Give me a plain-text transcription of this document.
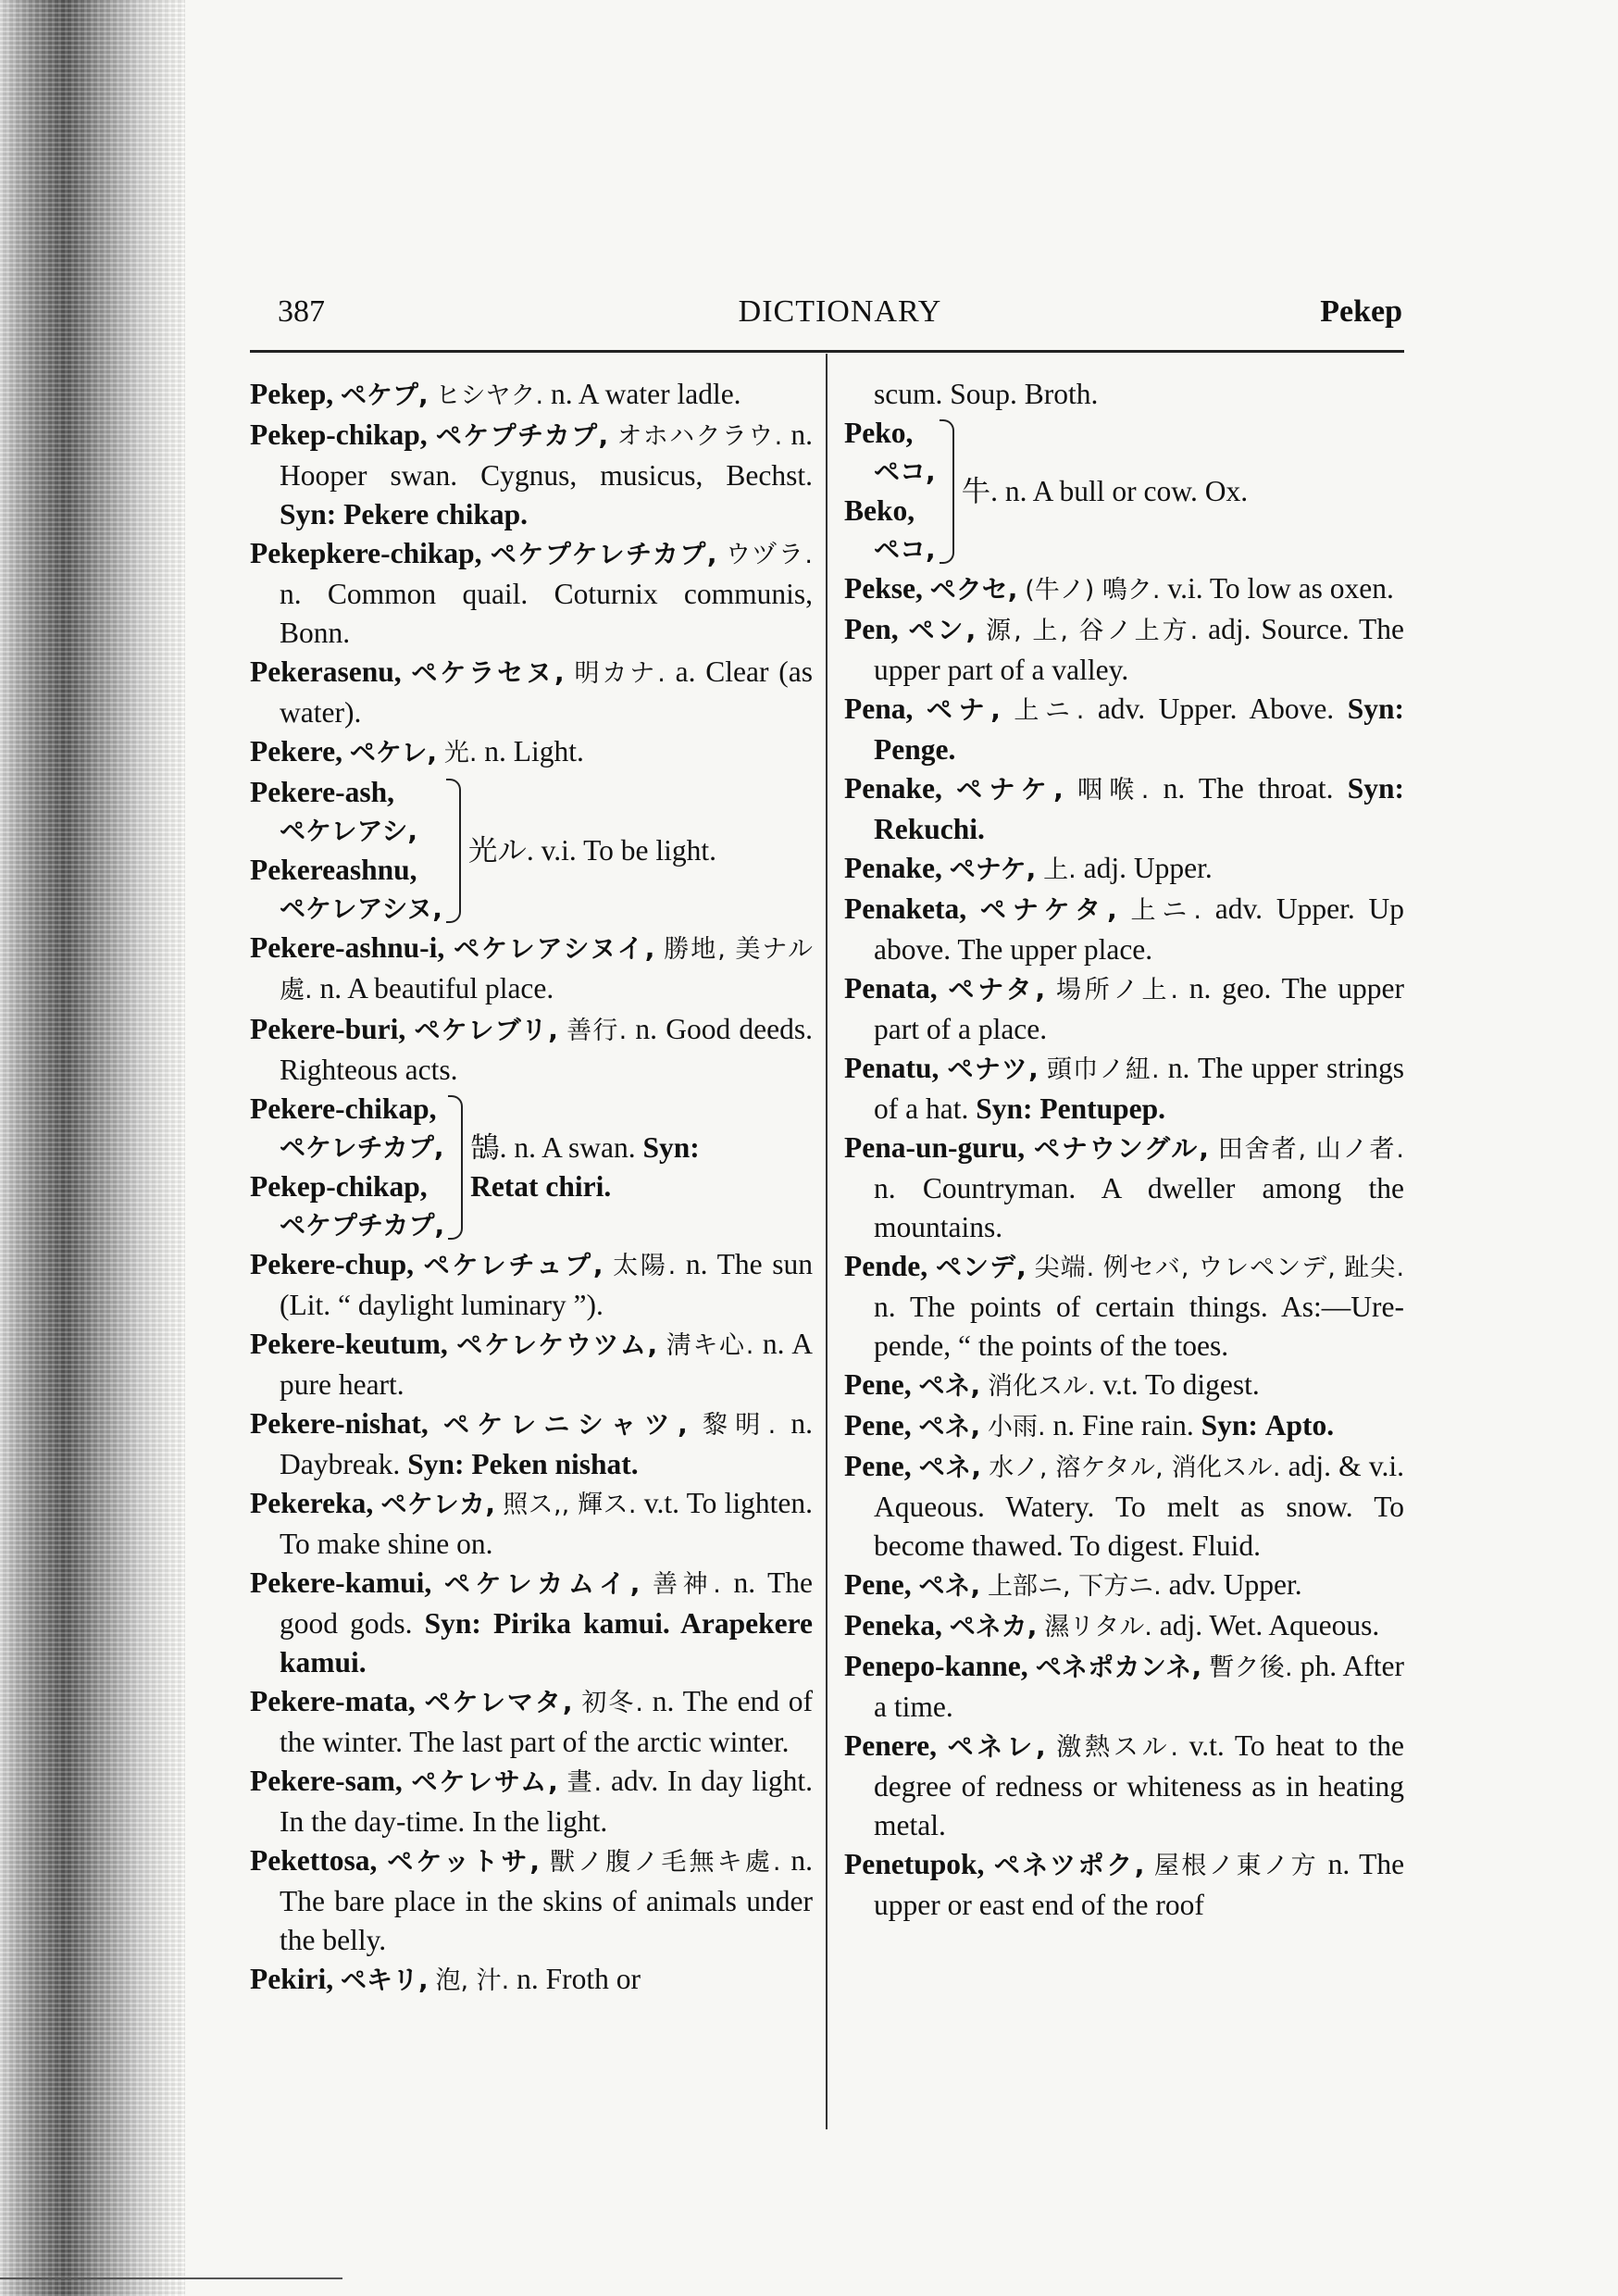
387	DICTIONARY	Pekep

Pekep, ペケプ, ヒシヤク. n. A water ladle.

Pekep-chikap, ペケプチカプ, オホハクラウ. n. Hooper swan. Cygnus, musicus, Bechst. Syn: Pekere chikap.

Pekepkere-chikap, ペケプケレチカプ, ウヅラ. n. Common quail. Coturnix communis, Bonn.

Pekerasenu, ペケラセヌ, 明カナ. a. Clear (as water).

Pekere, ペケレ, 光. n. Light.

Pekere-ash,
ペケレアシ,
Pekereashnu,
ペケレアシヌ,
光ル. v.i. To be light.

Pekere-ashnu-i, ペケレアシヌイ, 勝地, 美ナル處. n. A beautiful place.

Pekere-buri, ペケレブリ, 善行. n. Good deeds. Righteous acts.

Pekere-chikap,
ペケレチカプ,
Pekep-chikap,
ペケプチカプ,
鵠. n. A swan. Syn:
Retat chiri.

Pekere-chup, ペケレチュプ, 太陽. n. The sun (Lit. “ daylight luminary ”).

Pekere-keutum, ペケレケウツム, 淸キ心. n. A pure heart.

Pekere-nishat, ペケレニシャツ, 黎明. n. Daybreak. Syn: Peken nishat.

Pekereka, ペケレカ, 照ス,, 輝ス. v.t. To lighten. To make shine on.

Pekere-kamui, ペケレカムイ, 善神. n. The good gods. Syn: Pirika kamui. Arapekere kamui.

Pekere-mata, ペケレマタ, 初冬. n. The end of the winter. The last part of the arctic winter.

Pekere-sam, ペケレサム, 晝. adv. In day light. In the day-time. In the light.

Pekettosa, ペケットサ, 獸ノ腹ノ毛無キ處. n. The bare place in the skins of animals under the belly.

Pekiri, ペキリ, 泡, 汁. n. Froth or

scum. Soup. Broth.

Peko,
ペコ,
Beko,
ペコ,
牛. n. A bull or cow. Ox.

Pekse, ペクセ, (牛ノ) 鳴ク. v.i. To low as oxen.

Pen, ペン, 源, 上, 谷ノ上方. adj. Source. The upper part of a valley.

Pena, ペナ, 上ニ. adv. Upper. Above. Syn: Penge.

Penake, ペナケ, 咽喉. n. The throat. Syn: Rekuchi.

Penake, ペナケ, 上. adj. Upper.

Penaketa, ペナケタ, 上ニ. adv. Upper. Up above. The upper place.

Penata, ペナタ, 場所ノ上. n. geo. The upper part of a place.

Penatu, ペナツ, 頭巾ノ紐. n. The upper strings of a hat. Syn: Pentupep.

Pena-un-guru, ペナウングル, 田舍者, 山ノ者. n. Countryman. A dweller among the mountains.

Pende, ペンデ, 尖端. 例セバ, ウレペンデ, 趾尖. n. The points of certain things. As:—Ure-pende, “ the points of the toes.

Pene, ペネ, 消化スル. v.t. To digest.

Pene, ペネ, 小雨. n. Fine rain. Syn: Apto.

Pene, ペネ, 水ノ, 溶ケタル, 消化スル. adj. & v.i. Aqueous. Watery. To melt as snow. To become thawed. To digest. Fluid.

Pene, ペネ, 上部ニ, 下方ニ. adv. Upper.

Peneka, ペネカ, 濕リタル. adj. Wet. Aqueous.

Penepo-kanne, ペネポカンネ, 暫ク後. ph. After a time.

Penere, ペネレ, 激熱スル. v.t. To heat to the degree of redness or whiteness as in heating metal.

Penetupok, ペネツポク, 屋根ノ東ノ方 n. The upper or east end of the roof
